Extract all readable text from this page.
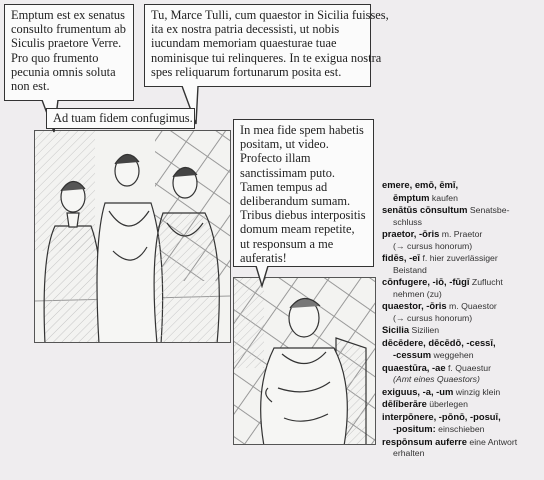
Emptum est ex senatus
consulto frumentum ab
Siculis praetore Verre.
Pro quo frumento
pecunia omnis soluta
non est.
Tu, Marce Tulli, cum quaestor in Sicilia fuisses,
ita ex nostra patria decessisti, ut nobis
iucundam memoriam quaesturae tuae
nominisque tui relinqueres. In te exigua nostra
spes reliquarum fortunarum posita est.
Ad tuam fidem confugimus.
In mea fide spem habetis
positam, ut video.
Profecto illam
sanctissimam puto.
Tamen tempus ad
deliberandum sumam.
Tribus diebus interpositis
domum meam repetite,
ut responsum a me
auferatis!
emere, emō, ēmī,
ēmptum kaufen
senātūs cōnsultum Senatsbe-
schluss
praetor, -ōris m. Praetor
(→ cursus honorum)
fidēs, -eī f. hier zuverlässiger
Beistand
cōnfugere, -iō, -fūgī Zuflucht
nehmen (zu)
quaestor, -ōris m. Quaestor
(→ cursus honorum)
Sicilia Sizilien
dēcēdere, dēcēdō, -cessī,
-cessum weggehen
quaestūra, -ae f. Quaestur
(Amt eines Quaestors)
exiguus, -a, -um winzig klein
dēlīberāre überlegen
interpōnere, -pōnō, -posuī,
-positum: einschieben
respōnsum auferre eine Antwort
erhalten
